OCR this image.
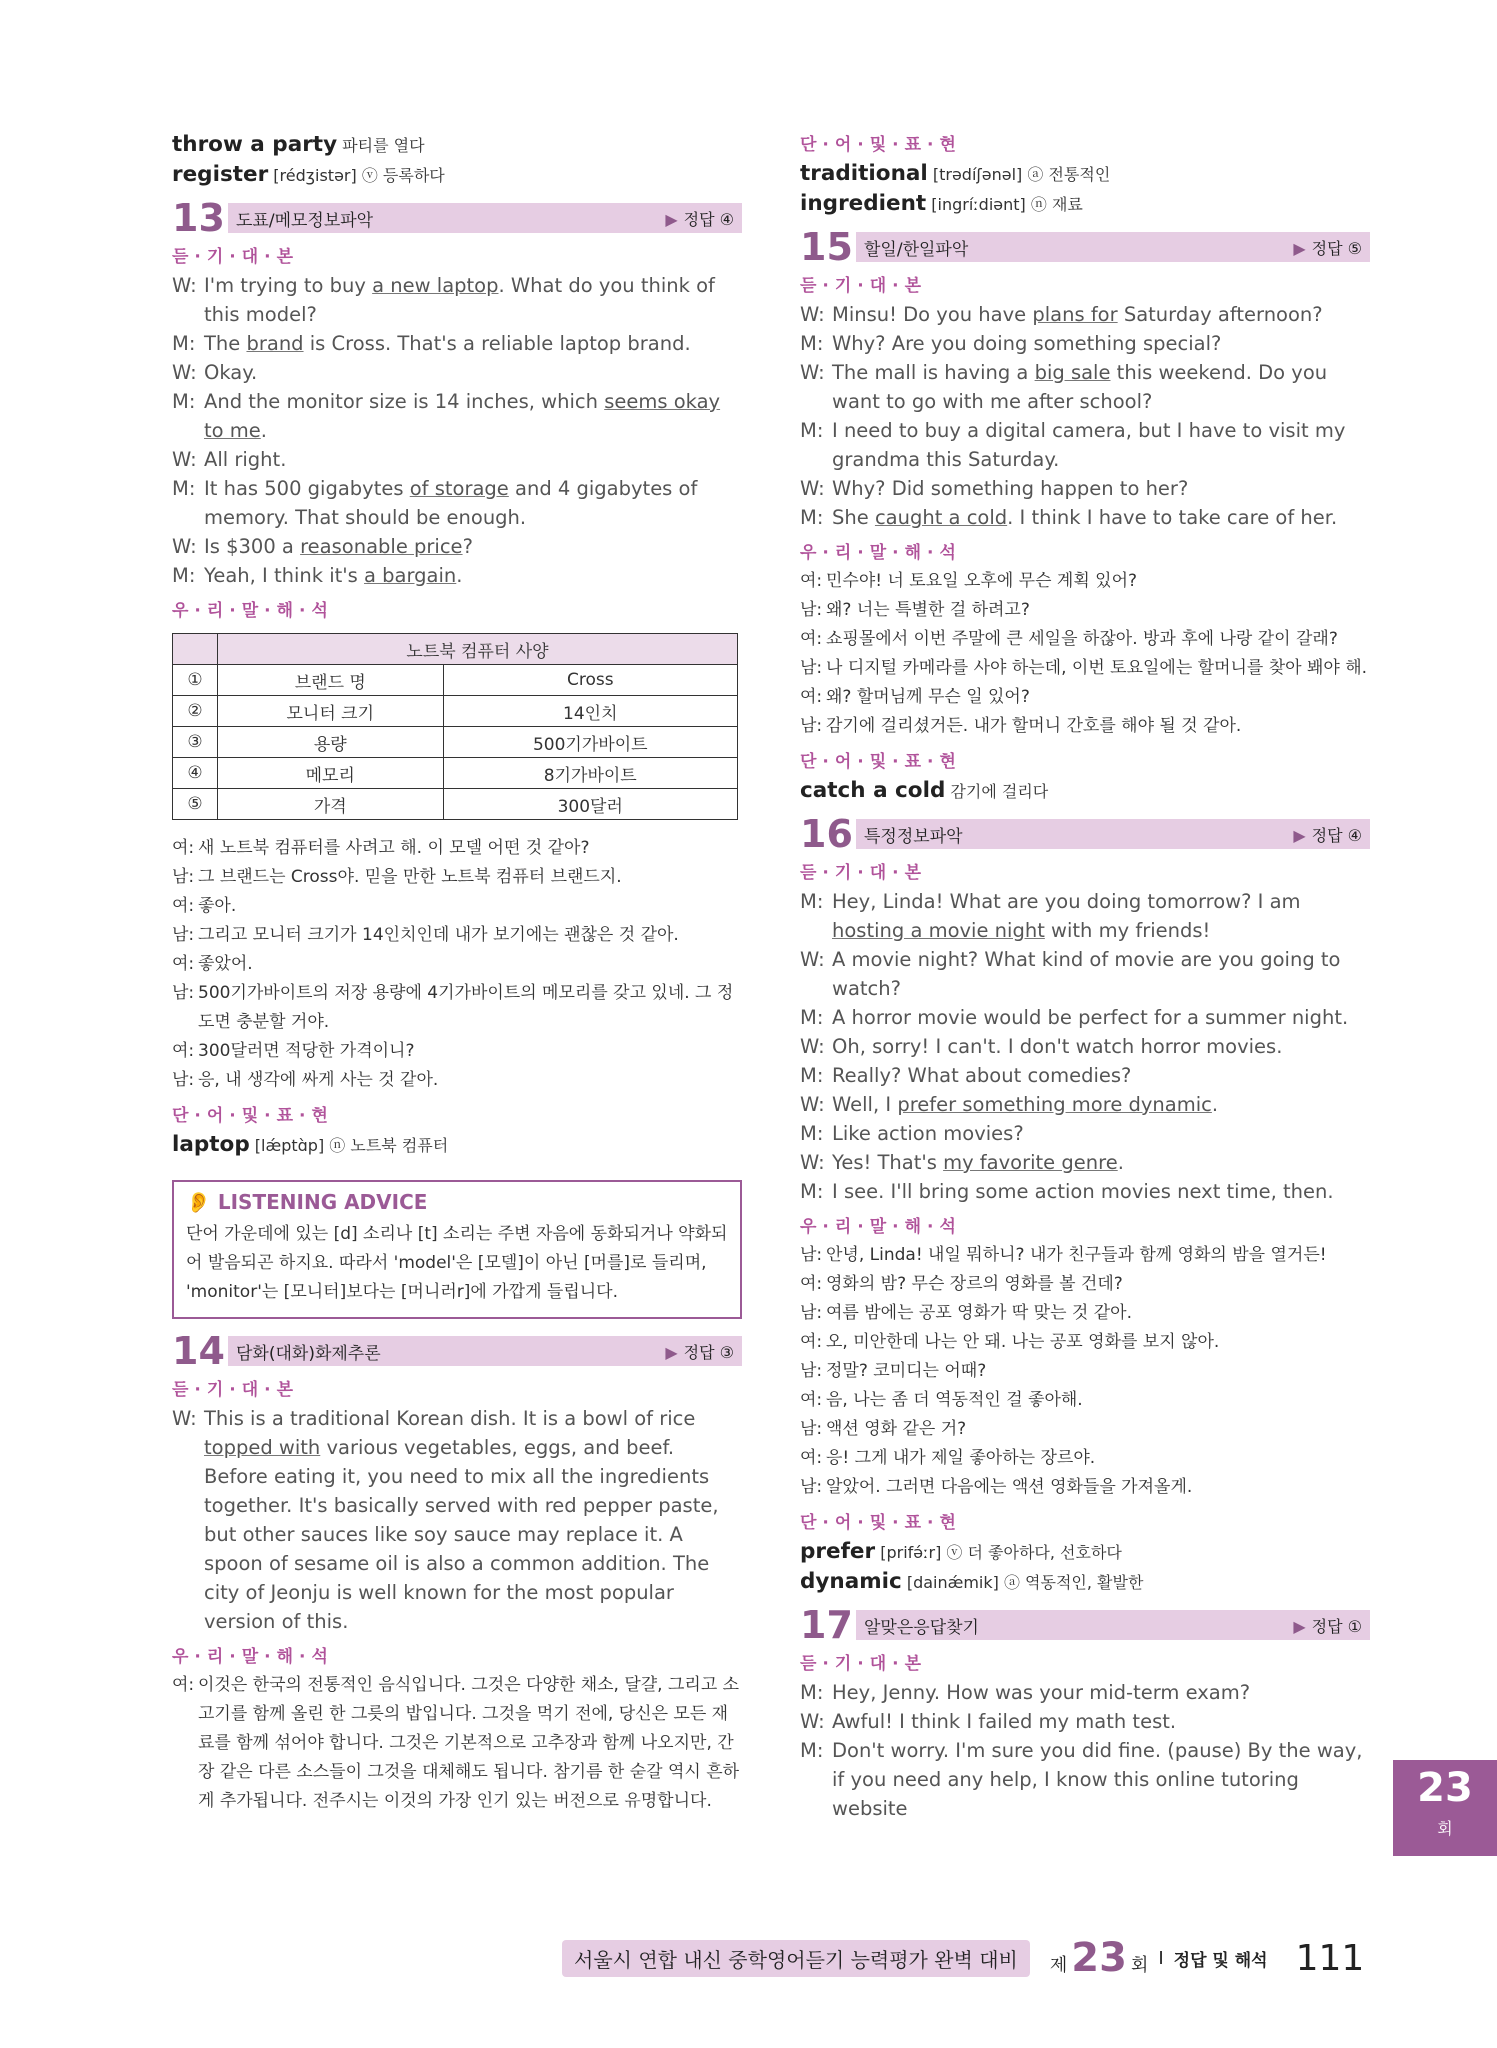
throw a party 파티를 열다
register [rédʒistər] ⓥ 등록하다
13 도표/메모정보파악	▶ 정답 ④
듣·기·대·본
W: I'm trying to buy a new laptop. What do you think of this model?
M: The brand is Cross. That's a reliable laptop brand.
W: Okay.
M: And the monitor size is 14 inches, which seems okay to me.
W: All right.
M: It has 500 gigabytes of storage and 4 gigabytes of memory. That should be enough.
W: Is $300 a reasonable price?
M: Yeah, I think it's a bargain.
우·리·말·해·석
	노트북 컴퓨터 사양	
①	브랜드 명	Cross
②	모니터 크기	14인치
③	용량	500기가바이트
④	메모리	8기가바이트
⑤	가격	300달러
여: 새 노트북 컴퓨터를 사려고 해. 이 모델 어떤 것 같아?
남: 그 브랜드는 Cross야. 믿을 만한 노트북 컴퓨터 브랜드지.
여: 좋아.
남: 그리고 모니터 크기가 14인치인데 내가 보기에는 괜찮은 것 같아.
여: 좋았어.
남: 500기가바이트의 저장 용량에 4기가바이트의 메모리를 갖고 있네. 그 정도면 충분할 거야.
여: 300달러면 적당한 가격이니?
남: 응, 내 생각에 싸게 사는 것 같아.
단·어·및·표·현
laptop [lǽptɑ̀p] ⓝ 노트북 컴퓨터
👂 LISTENING ADVICE
단어 가운데에 있는 [d] 소리나 [t] 소리는 주변 자음에 동화되거나 약화되어 발음되곤 하지요. 따라서 'model'은 [모델]이 아닌 [머를]로 들리며, 'monitor'는 [모니터]보다는 [머니러r]에 가깝게 들립니다.
14 담화(대화)화제추론	▶ 정답 ③
듣·기·대·본
W: This is a traditional Korean dish. It is a bowl of rice topped with various vegetables, eggs, and beef. Before eating it, you need to mix all the ingredients together. It's basically served with red pepper paste, but other sauces like soy sauce may replace it. A spoon of sesame oil is also a common addition. The city of Jeonju is well known for the most popular version of this.
우·리·말·해·석
여: 이것은 한국의 전통적인 음식입니다. 그것은 다양한 채소, 달걀, 그리고 소고기를 함께 올린 한 그릇의 밥입니다. 그것을 먹기 전에, 당신은 모든 재료를 함께 섞어야 합니다. 그것은 기본적으로 고추장과 함께 나오지만, 간장 같은 다른 소스들이 그것을 대체해도 됩니다. 참기름 한 숟갈 역시 흔하게 추가됩니다. 전주시는 이것의 가장 인기 있는 버전으로 유명합니다.
단·어·및·표·현
traditional [trədíʃənəl] ⓐ 전통적인
ingredient [ingríːdiənt] ⓝ 재료
15 할일/한일파악	▶ 정답 ⑤
듣·기·대·본
W: Minsu! Do you have plans for Saturday afternoon?
M: Why? Are you doing something special?
W: The mall is having a big sale this weekend. Do you want to go with me after school?
M: I need to buy a digital camera, but I have to visit my grandma this Saturday.
W: Why? Did something happen to her?
M: She caught a cold. I think I have to take care of her.
우·리·말·해·석
여: 민수야! 너 토요일 오후에 무슨 계획 있어?
남: 왜? 너는 특별한 걸 하려고?
여: 쇼핑몰에서 이번 주말에 큰 세일을 하잖아. 방과 후에 나랑 같이 갈래?
남: 나 디지털 카메라를 사야 하는데, 이번 토요일에는 할머니를 찾아 봬야 해.
여: 왜? 할머님께 무슨 일 있어?
남: 감기에 걸리셨거든. 내가 할머니 간호를 해야 될 것 같아.
단·어·및·표·현
catch a cold 감기에 걸리다
16 특정정보파악	▶ 정답 ④
듣·기·대·본
M: Hey, Linda! What are you doing tomorrow? I am hosting a movie night with my friends!
W: A movie night? What kind of movie are you going to watch?
M: A horror movie would be perfect for a summer night.
W: Oh, sorry! I can't. I don't watch horror movies.
M: Really? What about comedies?
W: Well, I prefer something more dynamic.
M: Like action movies?
W: Yes! That's my favorite genre.
M: I see. I'll bring some action movies next time, then.
우·리·말·해·석
남: 안녕, Linda! 내일 뭐하니? 내가 친구들과 함께 영화의 밤을 열거든!
여: 영화의 밤? 무슨 장르의 영화를 볼 건데?
남: 여름 밤에는 공포 영화가 딱 맞는 것 같아.
여: 오, 미안한데 나는 안 돼. 나는 공포 영화를 보지 않아.
남: 정말? 코미디는 어때?
여: 음, 나는 좀 더 역동적인 걸 좋아해.
남: 액션 영화 같은 거?
여: 응! 그게 내가 제일 좋아하는 장르야.
남: 알았어. 그러면 다음에는 액션 영화들을 가져올게.
단·어·및·표·현
prefer [prifə́ːr] ⓥ 더 좋아하다, 선호하다
dynamic [dainǽmik] ⓐ 역동적인, 활발한
17 알맞은응답찾기	▶ 정답 ①
듣·기·대·본
M: Hey, Jenny. How was your mid-term exam?
W: Awful! I think I failed my math test.
M: Don't worry. I'm sure you did fine. (pause) By the way, if you need any help, I know this online tutoring website	23
회
서울시 연합 내신 중학영어듣기 능력평가 완벽 대비	제 23 회 I 정답 및 해석 111
